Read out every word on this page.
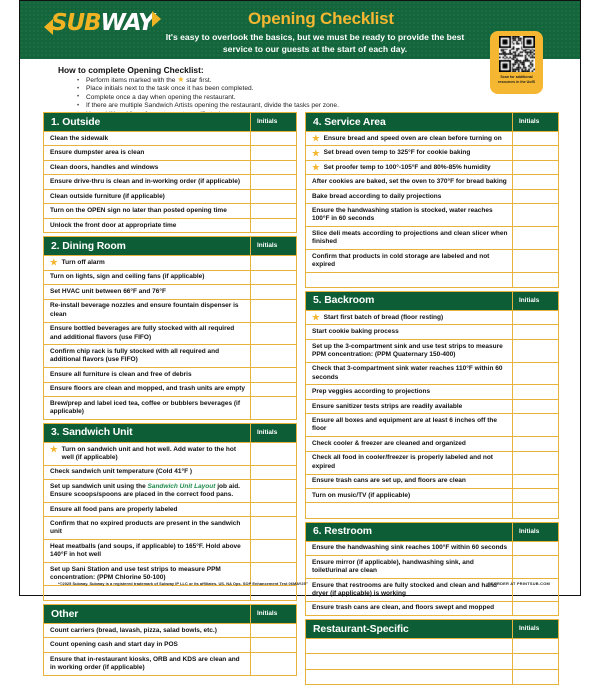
SUB WAY	Opening Checklist
It's easy to overlook the basics, but we must be ready to provide the best service to our guests at the start of each day.
Scan for additional resources in the UofS
How to complete Opening Checklist:
• Perform items marked with the ★ star first.
• Place initials next to the task once it has been completed.
• Complete once a day when opening the restaurant.
• If there are multiple Sandwich Artists opening the restaurant, divide the tasks per zone.
•
1. Outside	Initials
Clean the sidewalk
Ensure dumpster area is clean
Clean doors, handles and windows
Ensure drive-thru is clean and in-working order (if applicable)
Clean outside furniture (if applicable)
Turn on the OPEN sign no later than posted opening time
Unlock the front door at appropriate time
2. Dining Room	Initials
★ Turn off alarm
Turn on lights, sign and ceiling fans (if applicable)
Set HVAC unit between 66°F and 76°F
Re-install beverage nozzles and ensure fountain dispenser is clean
Ensure bottled beverages are fully stocked with all required and additional flavors (use FIFO)
Confirm chip rack is fully stocked with all required and additional flavors (use FIFO)
Ensure all furniture is clean and free of debris
Ensure floors are clean and mopped, and trash units are empty
Brew/prep and label iced tea, coffee or bubblers beverages (if applicable)
3. Sandwich Unit	Initials
★ Turn on sandwich unit and hot well. Add water to the hot well (if applicable)
Check sandwich unit temperature (Cold 41°F )
Set up sandwich unit using the Sandwich Unit Layout job aid. Ensure scoops/spoons are placed in the correct food pans.
Ensure all food pans are properly labeled
Confirm that no expired products are present in the sandwich unit
Heat meatballs (and soups, if applicable) to 165°F. Hold above 140°F in hot well
Set up Sani Station and use test strips to measure PPM concentration: (PPM Chlorine 50-100)
Other	Initials
Count carriers (bread, lavash, pizza, salad bowls, etc.)
Count opening cash and start day in POS
Ensure that in-restaurant kiosks, ORB and KDS are clean and in working order (if applicable)
4. Service Area	Initials
★ Ensure bread and speed oven are clean before turning on
★ Set bread oven temp to 325°F for cookie baking
★ Set proofer temp to 100°-105°F and 80%-85% humidity
After cookies are baked, set the oven to 370°F for bread baking
Bake bread according to daily projections
Ensure the handwashing station is stocked, water reaches 100°F in 60 seconds
Slice deli meats according to projections and clean slicer when finished
Confirm that products in cold storage are labeled and not expired
5. Backroom	Initials
★ Start first batch of bread (floor resting)
Start cookie baking process
Set up the 3-compartment sink and use test strips to measure PPM concentration: (PPM Quaternary 150-400)
Check that 3-compartment sink water reaches 110°F within 60 seconds
Prep veggies according to projections
Ensure sanitizer tests strips are readily available
Ensure all boxes and equipment are at least 6 inches off the floor
Check cooler & freezer are cleaned and organized
Check all food in cooler/freezer is properly labeled and not expired
Ensure trash cans are set up, and floors are clean
Turn on music/TV (if applicable)
6. Restroom	Initials
Ensure the handwashing sink reaches 100°F within 60 seconds
Ensure mirror (if applicable), handwashing sink, and toilet/urinal are clean
Ensure that restrooms are fully stocked and clean and hand dryer (if applicable) is working
Ensure trash cans are clean, and floors swept and mopped
Restaurant-Specific	Initials
*©2025 Subway. Subway is a registered trademark of Subway IP LLC or its affiliates. US. NA Ops. SOP Enhancement Test 06MAY25”	REORDER AT PRINTSUB.COM
